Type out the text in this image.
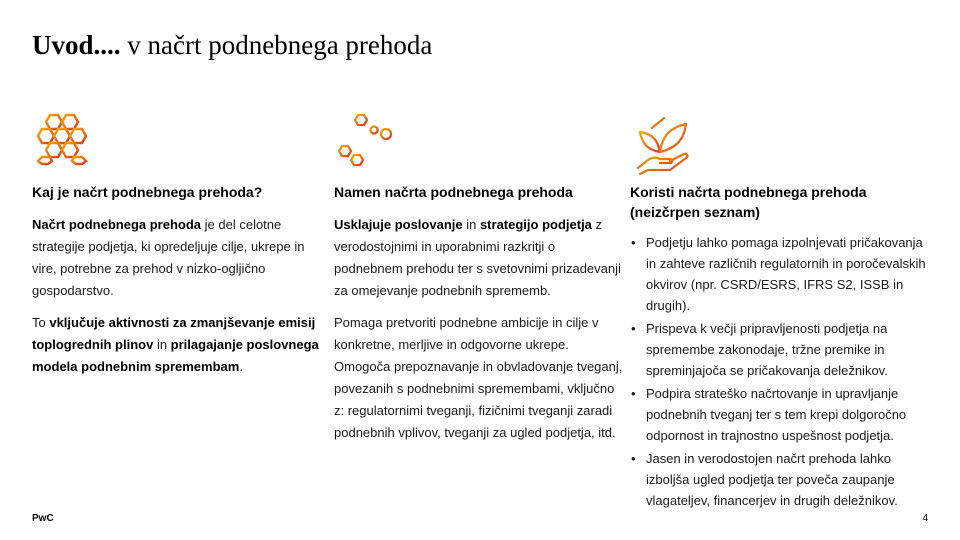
Uvod.... v načrt podnebnega prehoda
Kaj je načrt podnebnega prehoda?
Načrt podnebnega prehoda je del celotne strategije podjetja, ki opredeljuje cilje, ukrepe in vire, potrebne za prehod v nizko-ogljično gospodarstvo.
To vključuje aktivnosti za zmanjševanje emisij toplogrednih plinov in prilagajanje poslovnega modela podnebnim spremembam.
Namen načrta podnebnega prehoda
Usklajuje poslovanje in strategijo podjetja z verodostojnimi in uporabnimi razkritji o podnebnem prehodu ter s svetovnimi prizadevanji za omejevanje podnebnih sprememb.
Pomaga pretvoriti podnebne ambicije in cilje v konkretne, merljive in odgovorne ukrepe. Omogoča prepoznavanje in obvladovanje tveganj, povezanih s podnebnimi spremembami, vključno z: regulatornimi tveganji, fizičnimi tveganji zaradi podnebnih vplivov, tveganji za ugled podjetja, itd.
Koristi načrta podnebnega prehoda (neizčrpen seznam)
• Podjetju lahko pomaga izpolnjevati pričakovanja in zahteve različnih regulatornih in poročevalskih okvirov (npr. CSRD/ESRS, IFRS S2, ISSB in drugih).
• Prispeva k večji pripravljenosti podjetja na spremembe zakonodaje, tržne premike in spreminjajoča se pričakovanja deležnikov.
• Podpira strateško načrtovanje in upravljanje podnebnih tveganj ter s tem krepi dolgoročno odpornost in trajnostno uspešnost podjetja.
• Jasen in verodostojen načrt prehoda lahko izboljša ugled podjetja ter poveča zaupanje vlagateljev, financerjev in drugih deležnikov.
PwC	4
